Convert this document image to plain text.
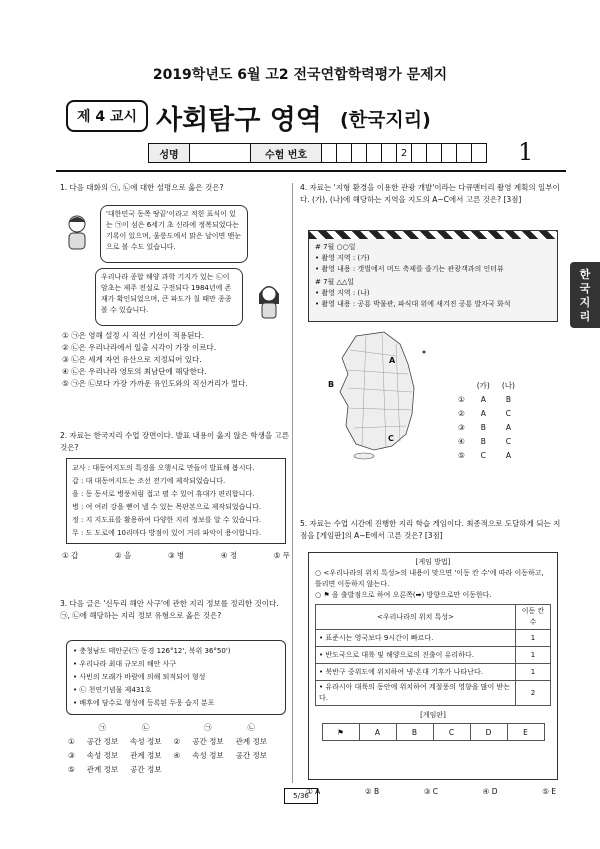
2019학년도 6월 고2 전국연합학력평가 문제지
제 4 교시 사회탐구 영역 (한국지리)
성명		수험 번호						2						1
한국지리
1. 다음 대화의 ㉠, ㉡에 대한 설명으로 옳은 것은?
'대한민국 동쪽 땅끝'이라고 적힌 표식이 있는 ㉠이 섬은 6세기 초 신라에 정복되었다는 기록이 있으며, 울릉도에서 맑은 날이면 맨눈으로 볼 수도 있습니다.
우리나라 종합 해양 과학 기지가 있는 ㉡이 암초는 제주 전설로 구전되다 1984년에 존재가 확인되었으며, 큰 파도가 칠 때만 종종 볼 수 있습니다.
① ㉠은 영해 설정 시 직선 기선이 적용된다.
② ㉡은 우리나라에서 일출 시각이 가장 이르다.
③ ㉡은 세계 자연 유산으로 지정되어 있다.
④ ㉡은 우리나라 영토의 최남단에 해당한다.
⑤ ㉠은 ㉡보다 가장 가까운 유인도와의 직선거리가 멀다.
2. 자료는 한국지리 수업 장면이다. 발표 내용이 옳지 않은 학생을 고른 것은?
교사 : 대동여지도의 특징을 오행시로 만들어 발표해 봅시다.
갑 : 대 대동여지도는 조선 전기에 제작되었습니다.
을 : 동 동서로 병풍처럼 접고 펼 수 있어 휴대가 편리합니다.
병 : 여 여러 강을 뻗어 낼 수 있는 목판본으로 제작되었습니다.
정 : 지 지도표를 활용하여 다양한 지리 정보를 알 수 있습니다.
무 : 도 도로에 10리마다 방점이 있어 거리 파악이 용이합니다.
① 갑	② 을	③ 병	④ 정	⑤ 무
3. 다음 글은 '신두리 해안 사구'에 관한 지리 정보를 정리한 것이다. ㉠, ㉡에 해당하는 지리 정보 유형으로 옳은 것은?
• 충청남도 태안군(㉠ 동경 126°12', 북위 36°50')
• 우리나라 최대 규모의 해안 사구
• 사빈의 모래가 바람에 의해 퇴적되어 형성
• ㉡ 천연기념물 제431호
• 배후에 담수로 형성에 등록된 두웅 습지 분포
	㉠	㉡		㉠	㉡
①	공간 정보	속성 정보	②	공간 정보	관계 정보
③	속성 정보	관계 정보	④	속성 정보	공간 정보
⑤	관계 정보	공간 정보			
4. 자료는 '지형 환경을 이용한 관광 개발'이라는 다큐멘터리 촬영 계획의 일부이다. (가), (나)에 해당하는 지역을 지도의 A~C에서 고른 것은? [3점]
# 7월 ○○일
• 촬영 지역 : (가)
• 촬영 내용 : 갯벌에서 머드 축제를 즐기는 관광객과의 인터뷰
# 7월 △△일
• 촬영 지역 : (나)
• 촬영 내용 : 공룡 박물관, 파식대 위에 새겨진 공룡 발자국 화석
A
B
C
	(가)	(나)
①	A	B
②	A	C
③	B	A
④	B	C
⑤	C	A
5. 자료는 수업 시간에 진행한 지리 학습 게임이다. 최종적으로 도달하게 되는 지점을 [게임판]의 A~E에서 고른 것은? [3점]
[게임 방법]
○ <우리나라의 위치 특성>의 내용이 맞으면 '이동 칸 수'에 따라 이동하고, 틀리면 이동하지 않는다.
○ ⚑ 을 출발점으로 하여 오른쪽(➡) 방향으로만 이동한다.
<우리나라의 위치 특성>	이동 칸 수
• 표준시는 영국보다 9시간이 빠르다.	1
• 반도국으로 대륙 및 해양으로의 진출이 유리하다.	1
• 북반구 중위도에 위치하여 냉·온대 기후가 나타난다.	1
• 유라시아 대륙의 동안에 위치하여 계절풍의 영향을 많이 받는다.	2
[게임판]
⚑	A	B	C	D	E
① A	② B	③ C	④ D	⑤ E
5/36
